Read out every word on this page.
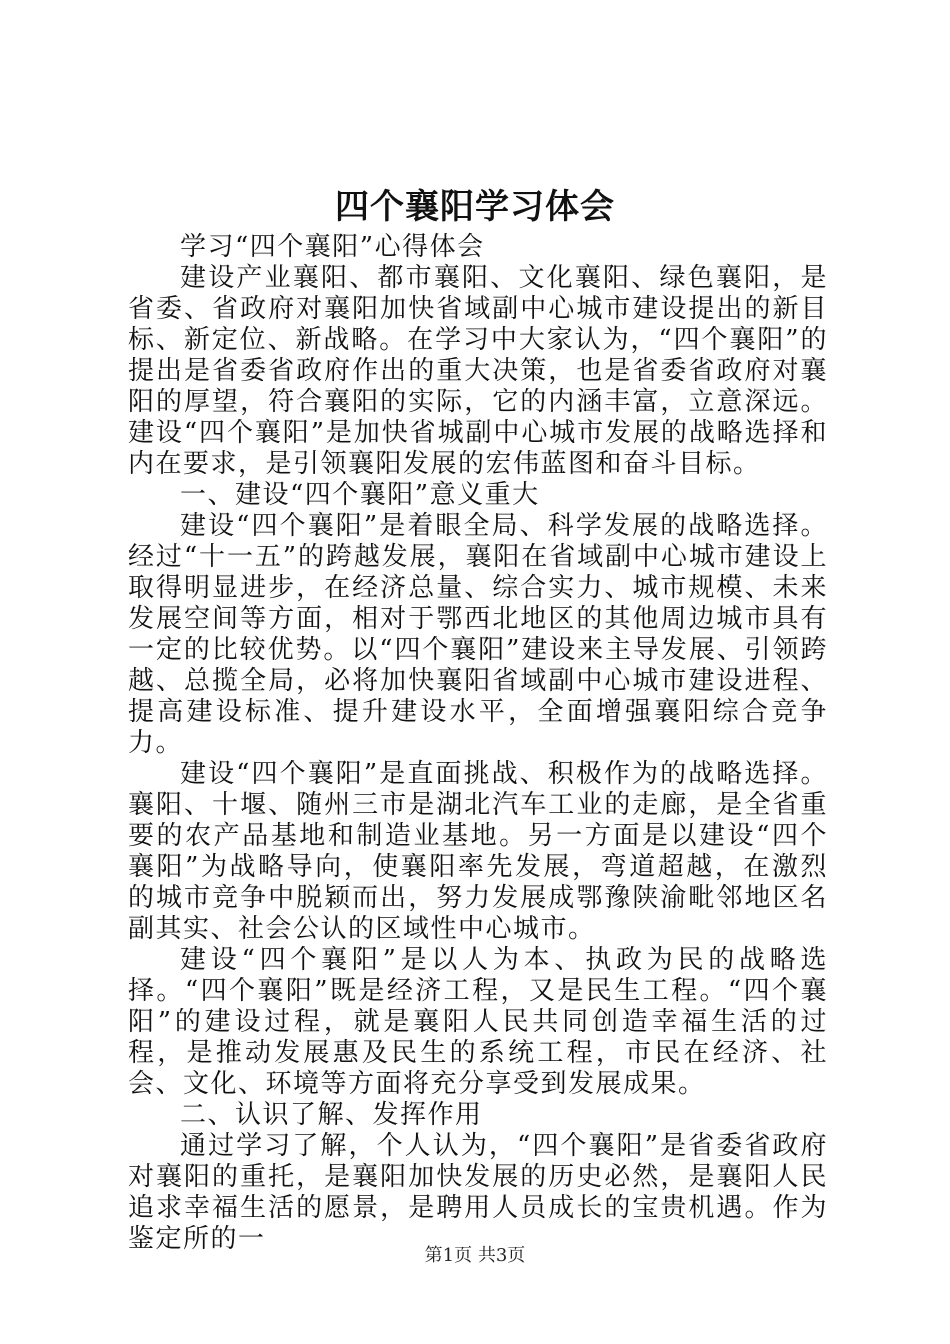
四个襄阳学习体会

学习“四个襄阳”心得体会

建设产业襄阳、都市襄阳、文化襄阳、绿色襄阳，是省委、省政府对襄阳加快省域副中心城市建设提出的新目标、新定位、新战略。在学习中大家认为，“四个襄阳”的提出是省委省政府作出的重大决策，也是省委省政府对襄阳的厚望，符合襄阳的实际，它的内涵丰富，立意深远。建设“四个襄阳”是加快省城副中心城市发展的战略选择和内在要求，是引领襄阳发展的宏伟蓝图和奋斗目标。

一、建设“四个襄阳”意义重大

建设“四个襄阳”是着眼全局、科学发展的战略选择。经过“十一五”的跨越发展，襄阳在省域副中心城市建设上取得明显进步，在经济总量、综合实力、城市规模、未来发展空间等方面，相对于鄂西北地区的其他周边城市具有一定的比较优势。以“四个襄阳”建设来主导发展、引领跨越、总揽全局，必将加快襄阳省域副中心城市建设进程、提高建设标准、提升建设水平，全面增强襄阳综合竞争力。

建设“四个襄阳”是直面挑战、积极作为的战略选择。襄阳、十堰、随州三市是湖北汽车工业的走廊，是全省重要的农产品基地和制造业基地。另一方面是以建设“四个襄阳”为战略导向，使襄阳率先发展，弯道超越，在激烈的城市竞争中脱颖而出，努力发展成鄂豫陕渝毗邻地区名副其实、社会公认的区域性中心城市。

建设“四个襄阳”是以人为本、执政为民的战略选择。“四个襄阳”既是经济工程，又是民生工程。“四个襄阳”的建设过程，就是襄阳人民共同创造幸福生活的过程，是推动发展惠及民生的系统工程，市民在经济、社会、文化、环境等方面将充分享受到发展成果。

二、认识了解、发挥作用

通过学习了解，个人认为，“四个襄阳”是省委省政府对襄阳的重托，是襄阳加快发展的历史必然，是襄阳人民追求幸福生活的愿景，是聘用人员成长的宝贵机遇。作为鉴定所的一

第1页 共3页
